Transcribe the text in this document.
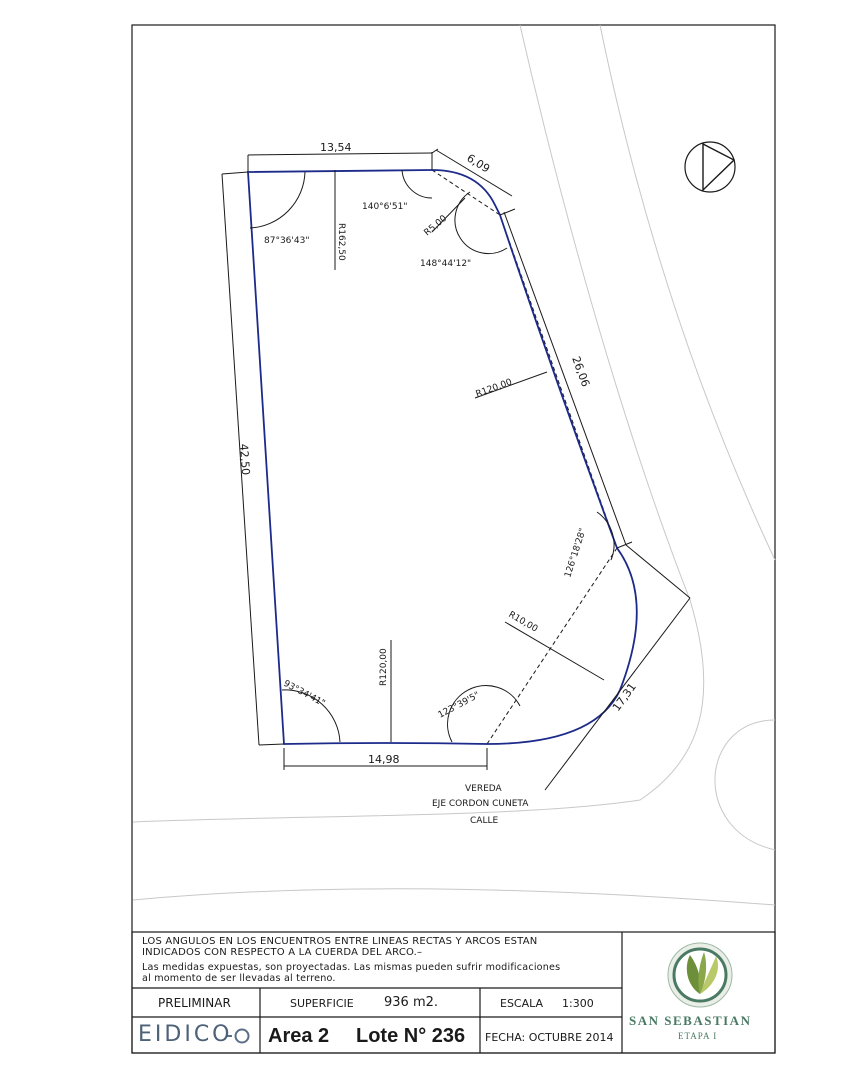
13,54
6,09
26,06
42,50
17,31
14,98
R162,50	R5,00
R120,00
R10,00
R120,00
87°36'43"
140°6'51"
148°44'12"
126°18'28"
123°39'5"
93°34'41"
VEREDA
EJE CORDON CUNETA
CALLE
LOS ANGULOS EN LOS ENCUENTROS ENTRE LINEAS RECTAS Y ARCOS ESTAN
INDICADOS CON RESPECTO A LA CUERDA DEL ARCO.–
Las medidas expuestas, son proyectadas. Las mismas pueden sufrir modificaciones
al momento de ser llevadas al terreno.
PRELIMINAR	SUPERFICIE 936 m2.	ESCALA 1:300
EIDICO Area 2 Lote N° 236 FECHA: OCTUBRE 2014
SAN SEBASTIAN
ETAPA I
